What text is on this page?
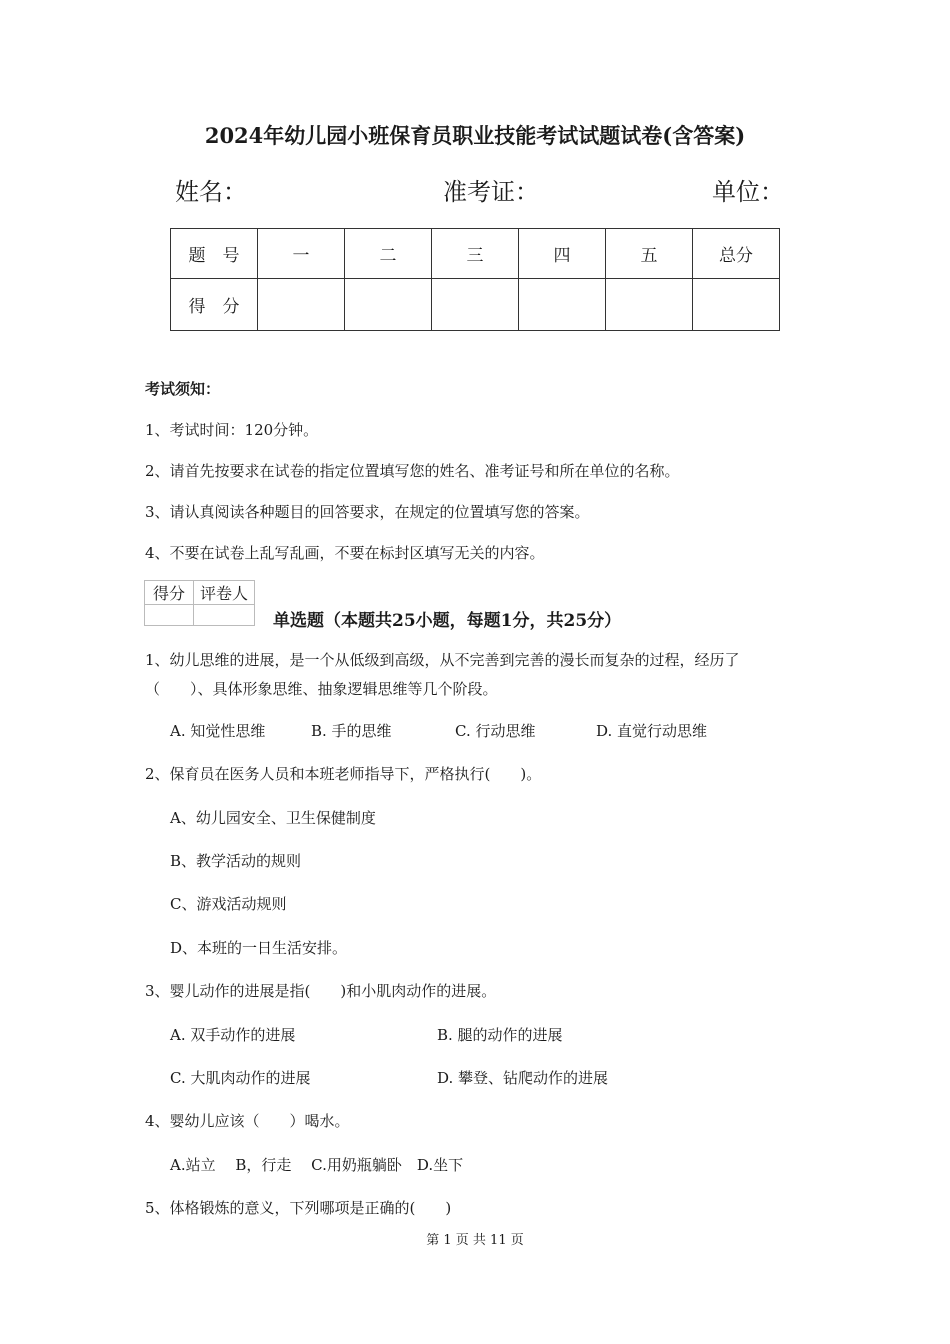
2024年幼儿园小班保育员职业技能考试试题试卷(含答案)
姓名：	准考证：	单位：
题　号	一	二	三	四	五	总分
得　分						
考试须知：
1、考试时间：120分钟。
2、请首先按要求在试卷的指定位置填写您的姓名、准考证号和所在单位的名称。
3、请认真阅读各种题目的回答要求，在规定的位置填写您的答案。
4、不要在试卷上乱写乱画，不要在标封区填写无关的内容。
得分	评卷人

单选题（本题共25小题，每题1分，共25分）
1、幼儿思维的进展，是一个从低级到高级，从不完善到完善的漫长而复杂的过程，经历了
（　　）、具体形象思维、抽象逻辑思维等几个阶段。
A. 知觉性思维	B. 手的思维	C. 行动思维	D. 直觉行动思维
2、保育员在医务人员和本班老师指导下，严格执行(　　)。
A、幼儿园安全、卫生保健制度
B、教学活动的规则
C、游戏活动规则
D、本班的一日生活安排。
3、婴儿动作的进展是指(　　)和小肌肉动作的进展。
A. 双手动作的进展	B. 腿的动作的进展
C. 大肌肉动作的进展	D. 攀登、钻爬动作的进展
4、婴幼儿应该（　　）喝水。
A.站立　 B，行走　 C.用奶瓶躺卧　D.坐下
5、体格锻炼的意义，下列哪项是正确的(　　)
第 1 页 共 11 页
